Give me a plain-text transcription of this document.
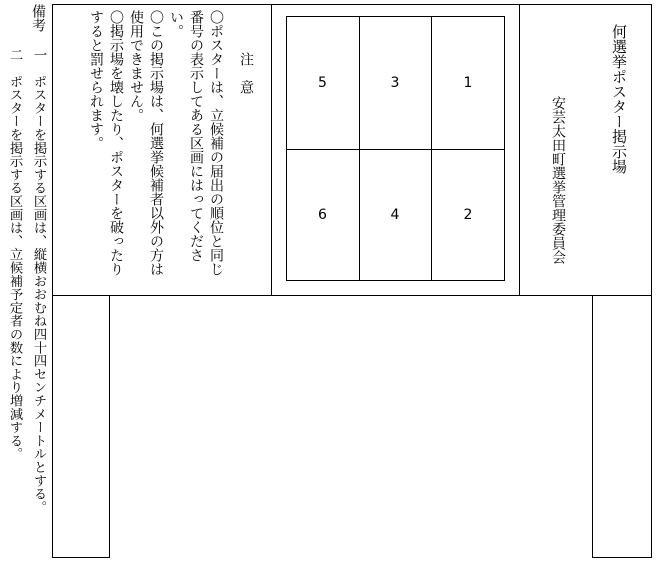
何選挙ポスター掲示場
安芸太田町選挙管理委員会
5	3	1
6	4	2
注　意
〇ポスターは、立候補の届出の順位と同じ
番号の表示してある区画にはってくださ
い。
〇この掲示場は、何選挙候補者以外の方は
使用できません。
〇掲示場を壊したり、ポスターを破ったり
すると罰せられます。
備考
一　ポスターを掲示する区画は、縦横おおむね四十四センチメートルとする。
二　ポスターを掲示する区画は、立候補予定者の数により増減する。
